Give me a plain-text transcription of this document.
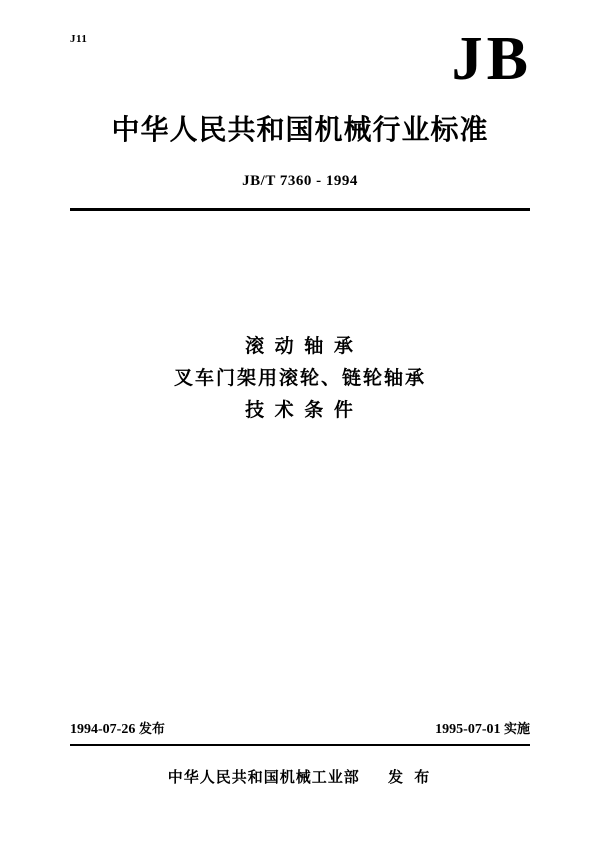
J11	JB
中华人民共和国机械行业标准
JB/T 7360 - 1994
滚 动 轴 承
叉车门架用滚轮、链轮轴承
技 术 条 件
1994-07-26 发布	1995-07-01 实施
中华人民共和国机械工业部 发 布
